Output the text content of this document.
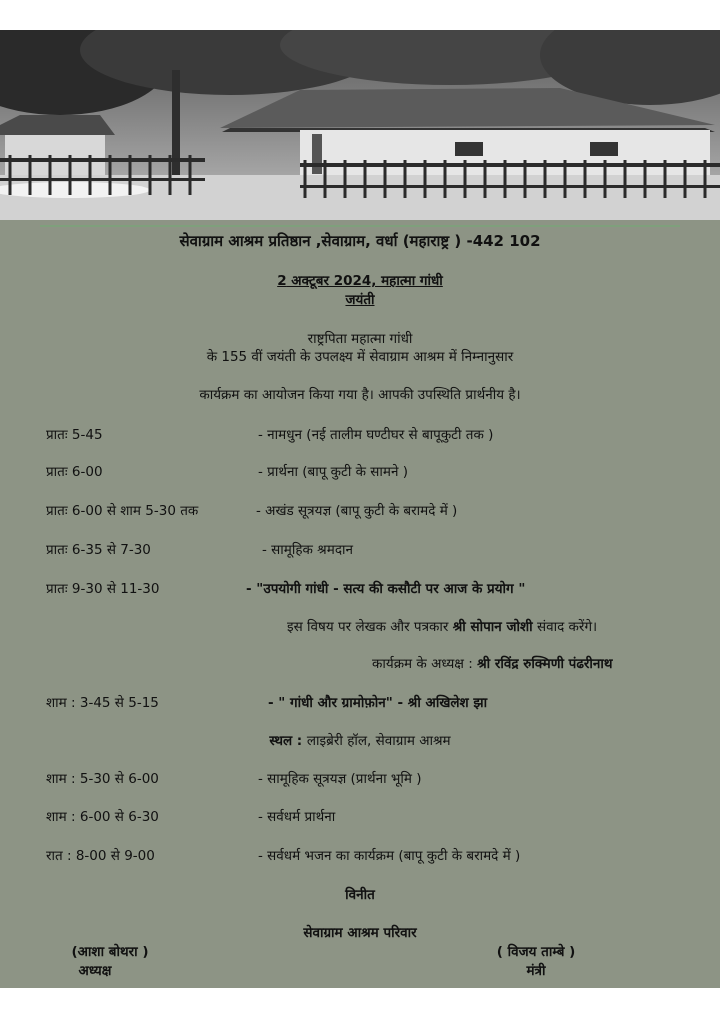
सेवाग्राम आश्रम प्रतिष्ठान ,सेवाग्राम, वर्धा (महाराष्ट्र ) -442 102
2 अक्टूबर 2024, महात्मा गांधी
जयंती
राष्ट्रपिता महात्मा गांधी
के 155 वीं जयंती के उपलक्ष्य में सेवाग्राम आश्रम में निम्नानुसार
कार्यक्रम का आयोजन किया गया है। आपकी उपस्थिति प्रार्थनीय है।
प्रातः 5-45	- नामधुन (नई तालीम घण्टीघर से बापूकुटी तक )
प्रातः 6-00	- प्रार्थना (बापू कुटी के सामने )
प्रातः 6-00 से शाम 5-30 तक	- अखंड सूत्रयज्ञ (बापू कुटी के बरामदे में )
प्रातः 6-35 से 7-30	- सामूहिक श्रमदान
प्रातः 9-30 से 11-30	- "उपयोगी गांधी - सत्य की कसौटी पर आज के प्रयोग "
इस विषय पर लेखक और पत्रकार श्री सोपान जोशी संवाद करेंगे।
कार्यक्रम के अध्यक्ष : श्री रविंद्र रुक्मिणी पंढरीनाथ
शाम : 3-45 से 5-15	- " गांधी और ग्रामोफ़ोन" - श्री अखिलेश झा
स्थल : लाइब्रेरी हॉल, सेवाग्राम आश्रम
शाम : 5-30 से 6-00	- सामूहिक सूत्रयज्ञ (प्रार्थना भूमि )
शाम : 6-00 से 6-30	- सर्वधर्म प्रार्थना
रात : 8-00 से 9-00	- सर्वधर्म भजन का कार्यक्रम (बापू कुटी के बरामदे में )
विनीत
सेवाग्राम आश्रम परिवार
(आशा बोथरा )
अध्यक्ष
( विजय ताम्बे )
मंत्री
